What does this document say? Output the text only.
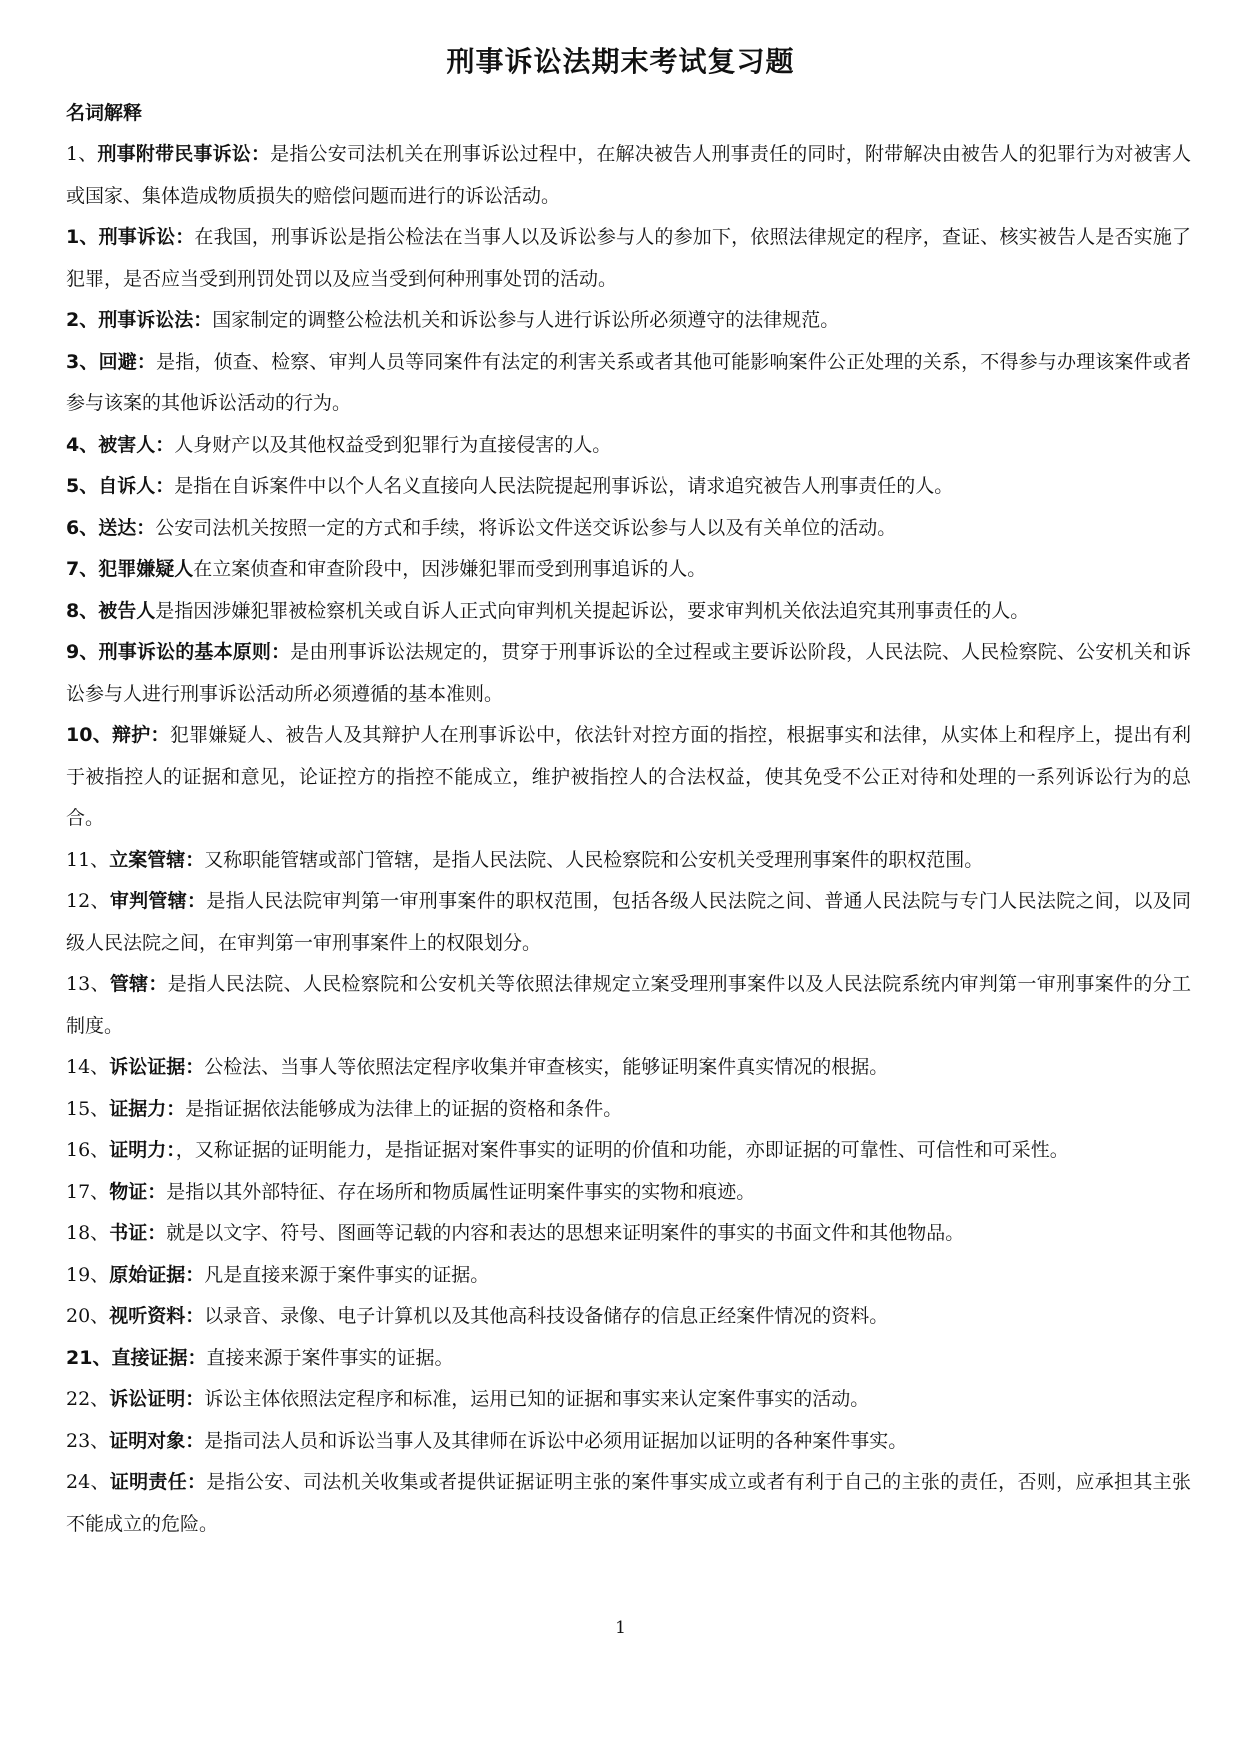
刑事诉讼法期末考试复习题
名词解释
1、刑事附带民事诉讼：是指公安司法机关在刑事诉讼过程中，在解决被告人刑事责任的同时，附带解决由被告人的犯罪行为对被害人或国家、集体造成物质损失的赔偿问题而进行的诉讼活动。
1、刑事诉讼：在我国，刑事诉讼是指公检法在当事人以及诉讼参与人的参加下，依照法律规定的程序，查证、核实被告人是否实施了犯罪，是否应当受到刑罚处罚以及应当受到何种刑事处罚的活动。
2、刑事诉讼法：国家制定的调整公检法机关和诉讼参与人进行诉讼所必须遵守的法律规范。
3、回避：是指，侦查、检察、审判人员等同案件有法定的利害关系或者其他可能影响案件公正处理的关系，不得参与办理该案件或者参与该案的其他诉讼活动的行为。
4、被害人：人身财产以及其他权益受到犯罪行为直接侵害的人。
5、自诉人：是指在自诉案件中以个人名义直接向人民法院提起刑事诉讼，请求追究被告人刑事责任的人。
6、送达：公安司法机关按照一定的方式和手续，将诉讼文件送交诉讼参与人以及有关单位的活动。
7、犯罪嫌疑人在立案侦查和审查阶段中，因涉嫌犯罪而受到刑事追诉的人。
8、被告人是指因涉嫌犯罪被检察机关或自诉人正式向审判机关提起诉讼，要求审判机关依法追究其刑事责任的人。
9、刑事诉讼的基本原则：是由刑事诉讼法规定的，贯穿于刑事诉讼的全过程或主要诉讼阶段，人民法院、人民检察院、公安机关和诉讼参与人进行刑事诉讼活动所必须遵循的基本准则。
10、辩护：犯罪嫌疑人、被告人及其辩护人在刑事诉讼中，依法针对控方面的指控，根据事实和法律，从实体上和程序上，提出有利于被指控人的证据和意见，论证控方的指控不能成立，维护被指控人的合法权益，使其免受不公正对待和处理的一系列诉讼行为的总合。
11、立案管辖：又称职能管辖或部门管辖，是指人民法院、人民检察院和公安机关受理刑事案件的职权范围。
12、审判管辖：是指人民法院审判第一审刑事案件的职权范围，包括各级人民法院之间、普通人民法院与专门人民法院之间，以及同级人民法院之间，在审判第一审刑事案件上的权限划分。
13、管辖：是指人民法院、人民检察院和公安机关等依照法律规定立案受理刑事案件以及人民法院系统内审判第一审刑事案件的分工制度。
14、诉讼证据：公检法、当事人等依照法定程序收集并审查核实，能够证明案件真实情况的根据。
15、证据力：是指证据依法能够成为法律上的证据的资格和条件。
16、证明力：，又称证据的证明能力，是指证据对案件事实的证明的价值和功能，亦即证据的可靠性、可信性和可采性。
17、物证：是指以其外部特征、存在场所和物质属性证明案件事实的实物和痕迹。
18、书证：就是以文字、符号、图画等记载的内容和表达的思想来证明案件的事实的书面文件和其他物品。
19、原始证据：凡是直接来源于案件事实的证据。
20、视听资料：以录音、录像、电子计算机以及其他高科技设备储存的信息正经案件情况的资料。
21、直接证据：直接来源于案件事实的证据。
22、诉讼证明：诉讼主体依照法定程序和标准，运用已知的证据和事实来认定案件事实的活动。
23、证明对象：是指司法人员和诉讼当事人及其律师在诉讼中必须用证据加以证明的各种案件事实。
24、证明责任：是指公安、司法机关收集或者提供证据证明主张的案件事实成立或者有利于自己的主张的责任，否则，应承担其主张不能成立的危险。
1
